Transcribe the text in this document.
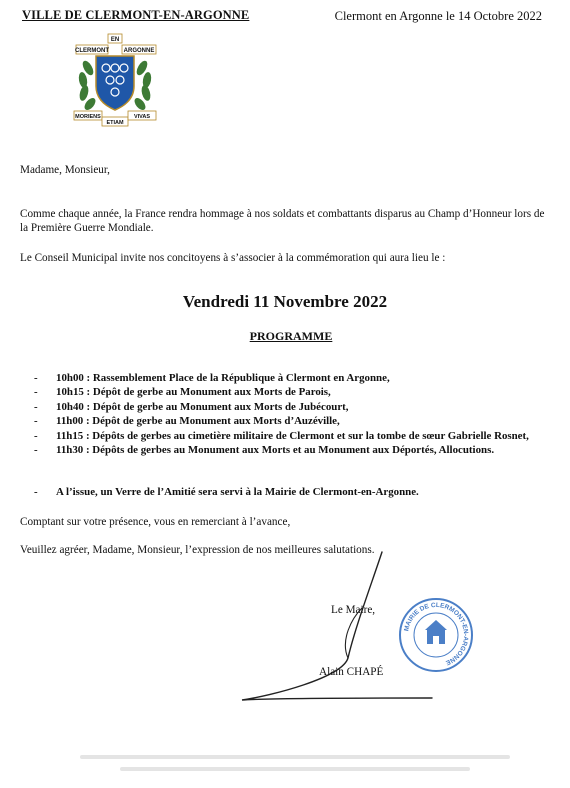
VILLE DE CLERMONT-EN-ARGONNE	Clermont en Argonne le 14 Octobre 2022
CLERMONT
EN
ARGONNE
MORIENS
ETIAM
VIVAS
Madame, Monsieur,
Comme chaque année, la France rendra hommage à nos soldats et combattants disparus au Champ d’Honneur lors de la Première Guerre Mondiale.
Le Conseil Municipal invite nos concitoyens à s’associer à la commémoration qui aura lieu le :
Vendredi 11 Novembre 2022
PROGRAMME
- 10h00 : Rassemblement Place de la République à Clermont en Argonne,
- 10h15 : Dépôt de gerbe au Monument aux Morts de Parois,
- 10h40 : Dépôt de gerbe au Monument aux Morts de Jubécourt,
- 11h00 : Dépôt de gerbe au Monument aux Morts d’Auzéville,
- 11h15 : Dépôts de gerbes au cimetière militaire de Clermont et sur la tombe de sœur Gabrielle Rosnet,
- 11h30 : Dépôts de gerbes au Monument aux Morts et au Monument aux Déportés, Allocutions.
- A l’issue, un Verre de l’Amitié sera servi à la Mairie de Clermont-en-Argonne.
Comptant sur votre présence, vous en remerciant à l’avance,
Veuillez agréer, Madame, Monsieur, l’expression de nos meilleures salutations.
Le Maire,
Alain CHAPÉ
MAIRIE DE CLERMONT-EN-ARGONNE
